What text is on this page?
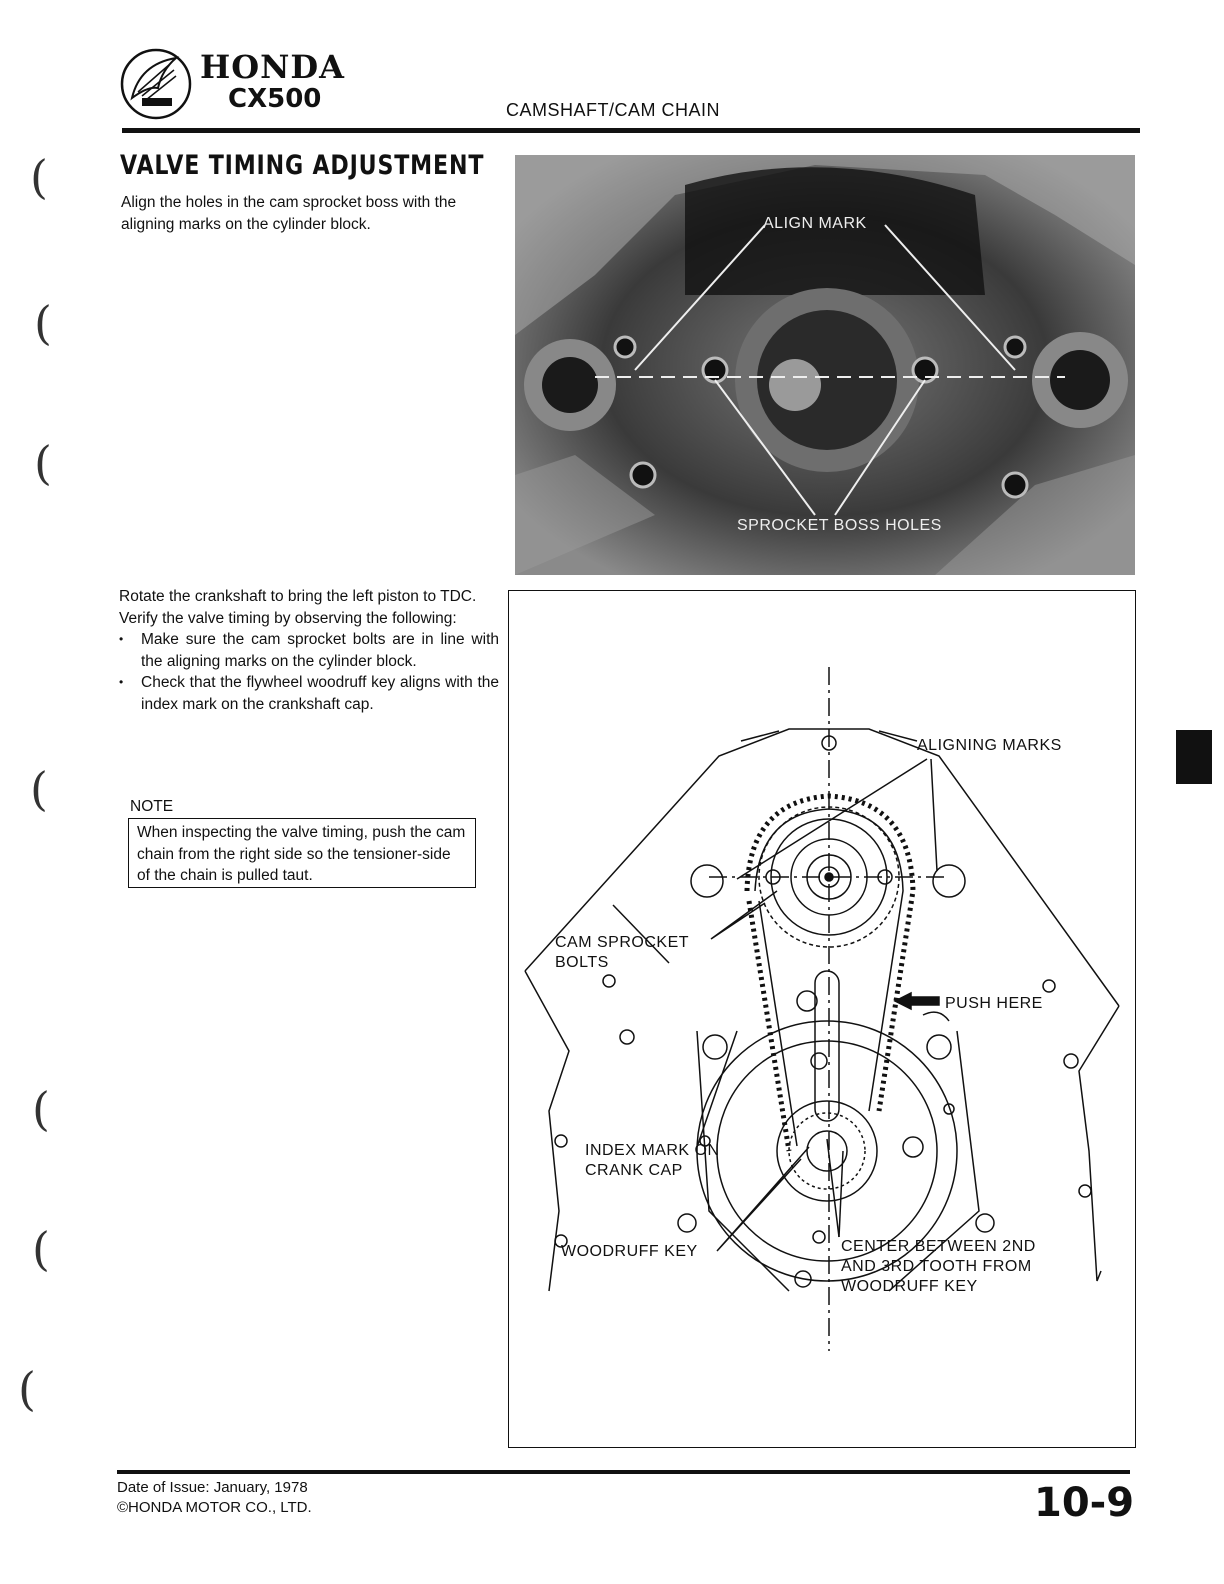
HONDA
CX500	CAMSHAFT/CAM CHAIN
(
(
(
(
(
(
(
VALVE TIMING ADJUSTMENT

Align the holes in the cam sprocket boss with the aligning marks on the cylinder block.	ALIGN MARK
SPROCKET BOSS HOLES

Rotate the crankshaft to bring the left piston to TDC.

Verify the valve timing by observing the following:

• Make sure the cam sprocket bolts are in line with the aligning marks on the cylinder block.
• Check that the flywheel woodruff key aligns with the index mark on the crankshaft cap.
NOTE
When inspecting the valve timing, push the cam chain from the right side so the tensioner-side of the chain is pulled taut.
ALIGNING MARKS
CAM SPROCKET
BOLTS
PUSH HERE
INDEX MARK ON
CRANK CAP
WOODRUFF KEY	CENTER BETWEEN 2ND
AND 3RD TOOTH FROM
WOODRUFF KEY
Date of Issue: January, 1978
©HONDA MOTOR CO., LTD.	10-9
